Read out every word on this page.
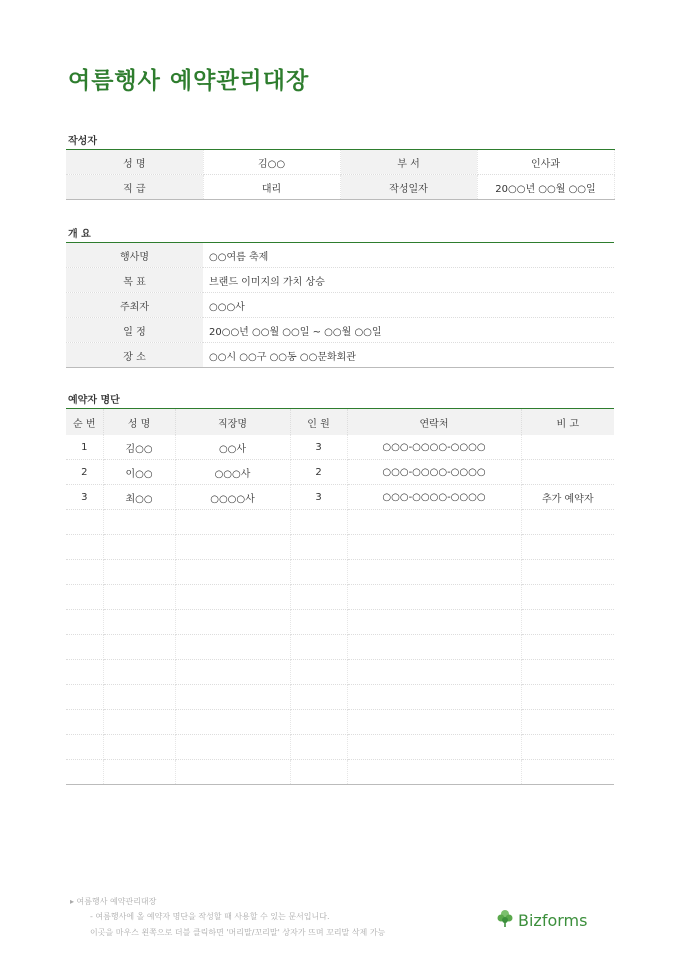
여름행사 예약관리대장
작성자
성 명	김○○	부 서	인사과
직 급	대리	작성일자	20○○년 ○○월 ○○일
개 요
행사명	○○여름 축제
목 표	브랜드 이미지의 가치 상승
주최자	○○○사
일 정	20○○년 ○○월 ○○일 ~ ○○월 ○○일
장 소	○○시 ○○구 ○○동 ○○문화회관
예약자 명단
순 번	성 명	직장명	인 원	연락처	비 고
1	김○○	○○사	3	○○○-○○○○-○○○○	
2	이○○	○○○사	2	○○○-○○○○-○○○○	
3	최○○	○○○○사	3	○○○-○○○○-○○○○	추가 예약자

▸ 여름행사 예약관리대장
- 여름행사에 올 예약자 명단을 작성할 때 사용할 수 있는 문서입니다.
이곳을 마우스 왼쪽으로 더블 클릭하면 '머리말/꼬리말' 상자가 뜨며 꼬리말 삭제 가능
Bizforms
